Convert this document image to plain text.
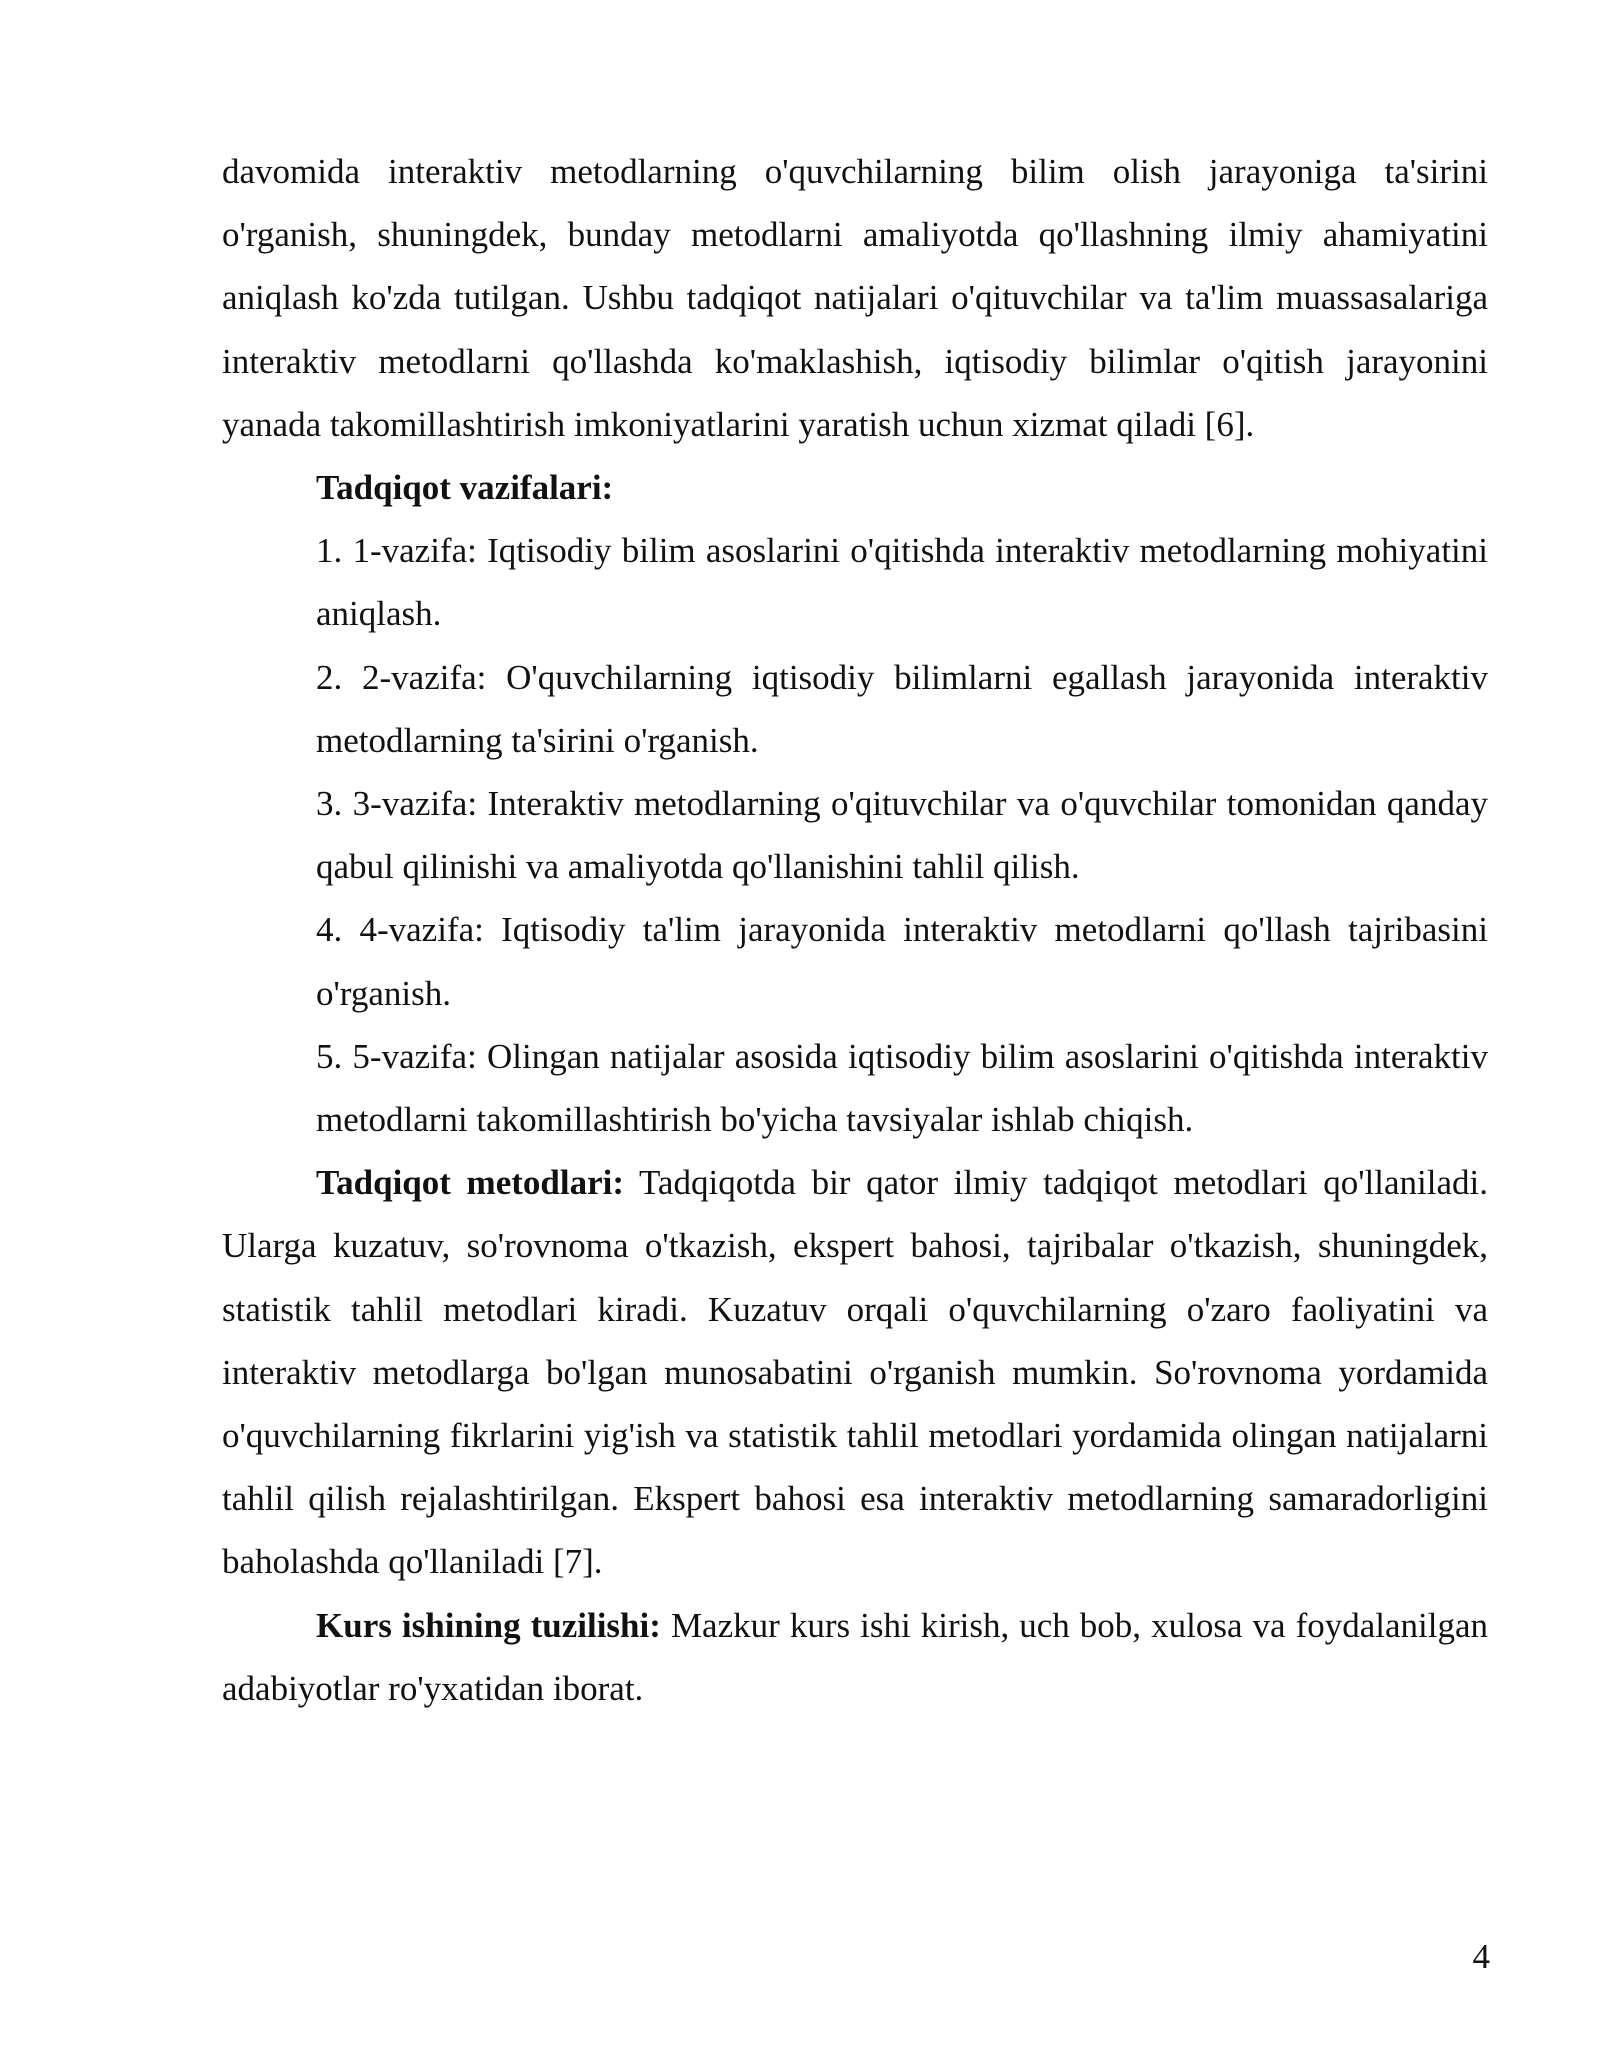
davomida interaktiv metodlarning o'quvchilarning bilim olish jarayoniga ta'sirini o'rganish, shuningdek, bunday metodlarni amaliyotda qo'llashning ilmiy ahamiyatini aniqlash ko'zda tutilgan. Ushbu tadqiqot natijalari o'qituvchilar va ta'lim muassasalariga interaktiv metodlarni qo'llashda ko'maklashish, iqtisodiy bilimlar o'qitish jarayonini yanada takomillashtirish imkoniyatlarini yaratish uchun xizmat qiladi [6].

Tadqiqot vazifalari:

1. 1-vazifa: Iqtisodiy bilim asoslarini o'qitishda interaktiv metodlarning mohiyatini aniqlash.

2. 2-vazifa: O'quvchilarning iqtisodiy bilimlarni egallash jarayonida interaktiv metodlarning ta'sirini o'rganish.

3. 3-vazifa: Interaktiv metodlarning o'qituvchilar va o'quvchilar tomonidan qanday qabul qilinishi va amaliyotda qo'llanishini tahlil qilish.

4. 4-vazifa: Iqtisodiy ta'lim jarayonida interaktiv metodlarni qo'llash tajribasini o'rganish.

5. 5-vazifa: Olingan natijalar asosida iqtisodiy bilim asoslarini o'qitishda interaktiv metodlarni takomillashtirish bo'yicha tavsiyalar ishlab chiqish.

Tadqiqot metodlari: Tadqiqotda bir qator ilmiy tadqiqot metodlari qo'llaniladi. Ularga kuzatuv, so'rovnoma o'tkazish, ekspert bahosi, tajribalar o'tkazish, shuningdek, statistik tahlil metodlari kiradi. Kuzatuv orqali o'quvchilarning o'zaro faoliyatini va interaktiv metodlarga bo'lgan munosabatini o'rganish mumkin. So'rovnoma yordamida o'quvchilarning fikrlarini yig'ish va statistik tahlil metodlari yordamida olingan natijalarni tahlil qilish rejalashtirilgan. Ekspert bahosi esa interaktiv metodlarning samaradorligini baholashda qo'llaniladi [7].

Kurs ishining tuzilishi: Mazkur kurs ishi kirish, uch bob, xulosa va foydalanilgan adabiyotlar ro'yxatidan iborat.

4
